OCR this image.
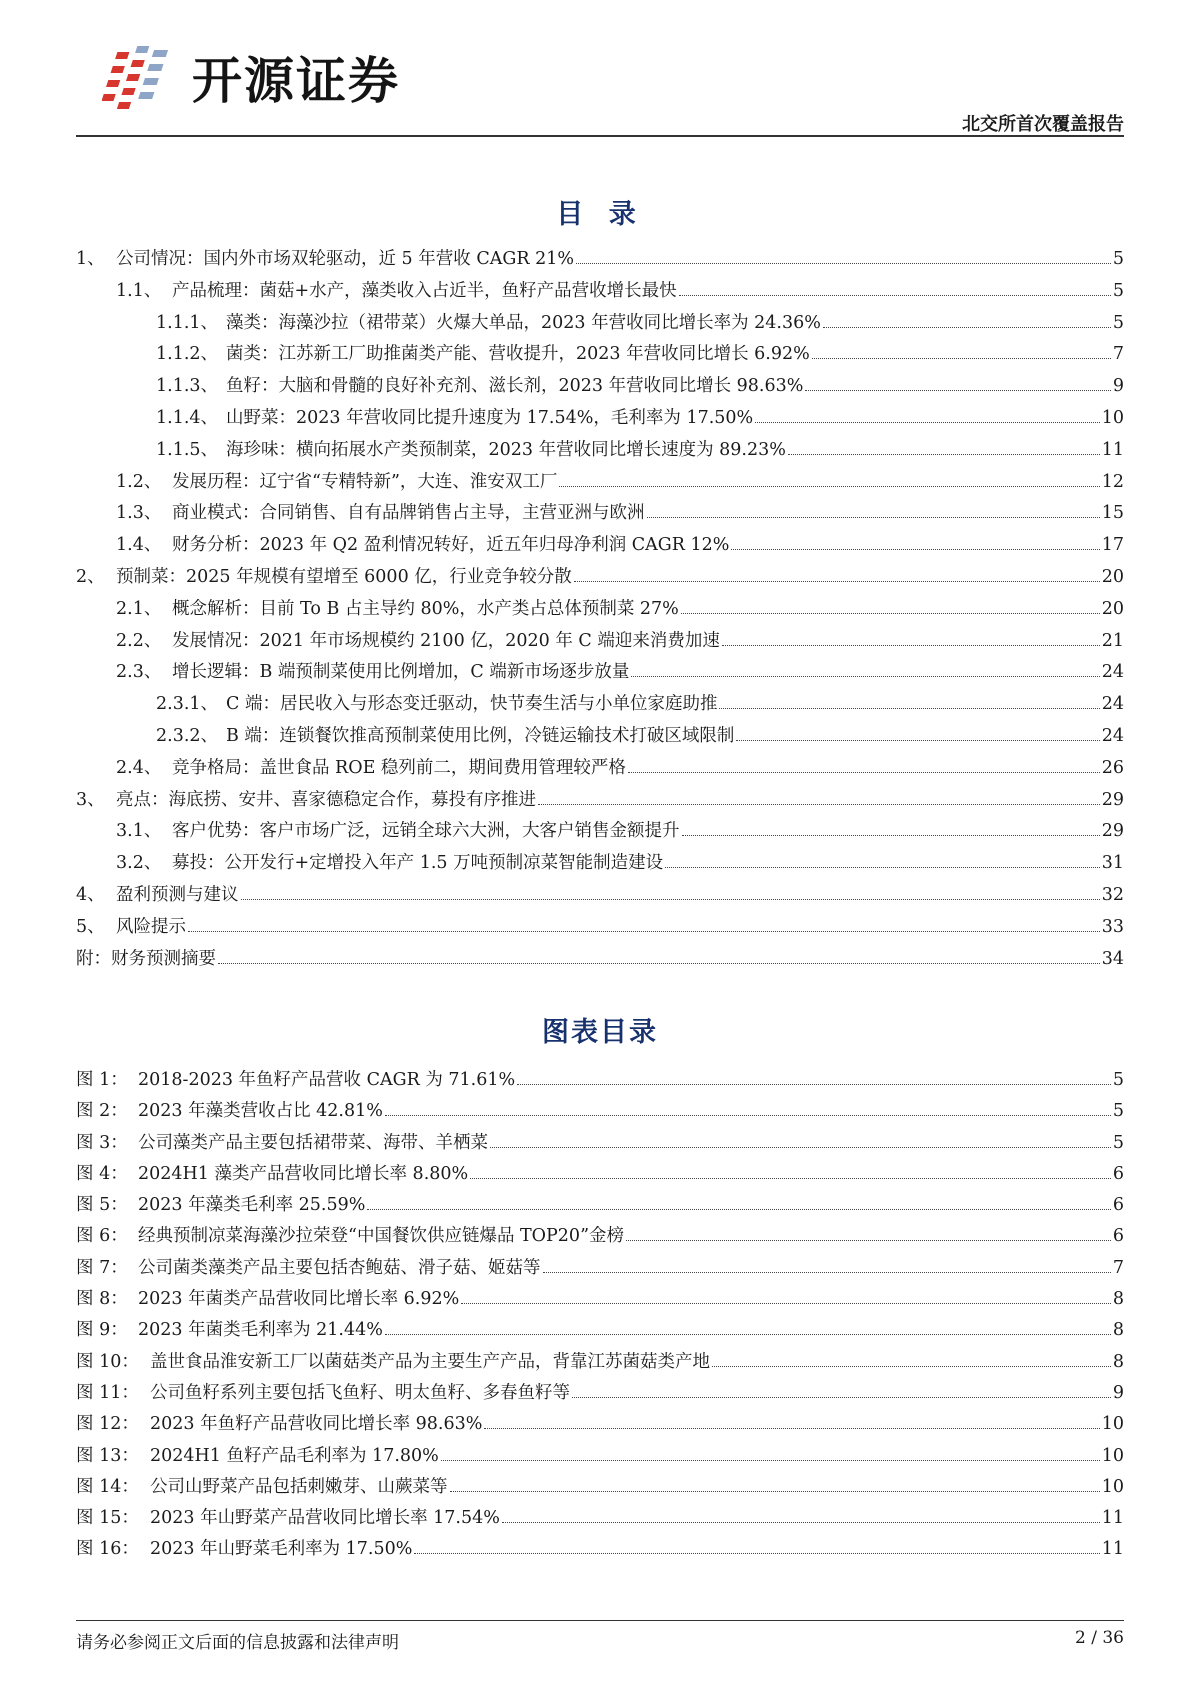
开源证券
北交所首次覆盖报告
目 录
1、 公司情况：国内外市场双轮驱动，近 5 年营收 CAGR 21%	5
1.1、 产品梳理：菌菇+水产，藻类收入占近半，鱼籽产品营收增长最快	5
1.1.1、 藻类：海藻沙拉（裙带菜）火爆大单品，2023 年营收同比增长率为 24.36%	5
1.1.2、 菌类：江苏新工厂助推菌类产能、营收提升，2023 年营收同比增长 6.92%	7
1.1.3、 鱼籽：大脑和骨髓的良好补充剂、滋长剂，2023 年营收同比增长 98.63%	9
1.1.4、 山野菜：2023 年营收同比提升速度为 17.54%，毛利率为 17.50%	10
1.1.5、 海珍味：横向拓展水产类预制菜，2023 年营收同比增长速度为 89.23%	11
1.2、 发展历程：辽宁省“专精特新”，大连、淮安双工厂	12
1.3、 商业模式：合同销售、自有品牌销售占主导，主营亚洲与欧洲	15
1.4、 财务分析：2023 年 Q2 盈利情况转好，近五年归母净利润 CAGR 12%	17
2、 预制菜：2025 年规模有望增至 6000 亿，行业竞争较分散	20
2.1、 概念解析：目前 To B 占主导约 80%，水产类占总体预制菜 27%	20
2.2、 发展情况：2021 年市场规模约 2100 亿，2020 年 C 端迎来消费加速	21
2.3、 增长逻辑：B 端预制菜使用比例增加，C 端新市场逐步放量	24
2.3.1、 C 端：居民收入与形态变迁驱动，快节奏生活与小单位家庭助推	24
2.3.2、 B 端：连锁餐饮推高预制菜使用比例，冷链运输技术打破区域限制	24
2.4、 竞争格局：盖世食品 ROE 稳列前二，期间费用管理较严格	26
3、 亮点：海底捞、安井、喜家德稳定合作，募投有序推进	29
3.1、 客户优势：客户市场广泛，远销全球六大洲，大客户销售金额提升	29
3.2、 募投：公开发行+定增投入年产 1.5 万吨预制凉菜智能制造建设	31
4、 盈利预测与建议	32
5、 风险提示	33
附：财务预测摘要	34
图表目录
图 1： 2018-2023 年鱼籽产品营收 CAGR 为 71.61%	5
图 2： 2023 年藻类营收占比 42.81%	5
图 3： 公司藻类产品主要包括裙带菜、海带、羊栖菜	5
图 4： 2024H1 藻类产品营收同比增长率 8.80%	6
图 5： 2023 年藻类毛利率 25.59%	6
图 6： 经典预制凉菜海藻沙拉荣登“中国餐饮供应链爆品 TOP20”金榜	6
图 7： 公司菌类藻类产品主要包括杏鲍菇、滑子菇、姬菇等	7
图 8： 2023 年菌类产品营收同比增长率 6.92%	8
图 9： 2023 年菌类毛利率为 21.44%	8
图 10： 盖世食品淮安新工厂以菌菇类产品为主要生产产品，背靠江苏菌菇类产地	8
图 11： 公司鱼籽系列主要包括飞鱼籽、明太鱼籽、多春鱼籽等	9
图 12： 2023 年鱼籽产品营收同比增长率 98.63%	10
图 13： 2024H1 鱼籽产品毛利率为 17.80%	10
图 14： 公司山野菜产品包括刺嫩芽、山蕨菜等	10
图 15： 2023 年山野菜产品营收同比增长率 17.54%	11
图 16： 2023 年山野菜毛利率为 17.50%	11
请务必参阅正文后面的信息披露和法律声明	2 / 36
